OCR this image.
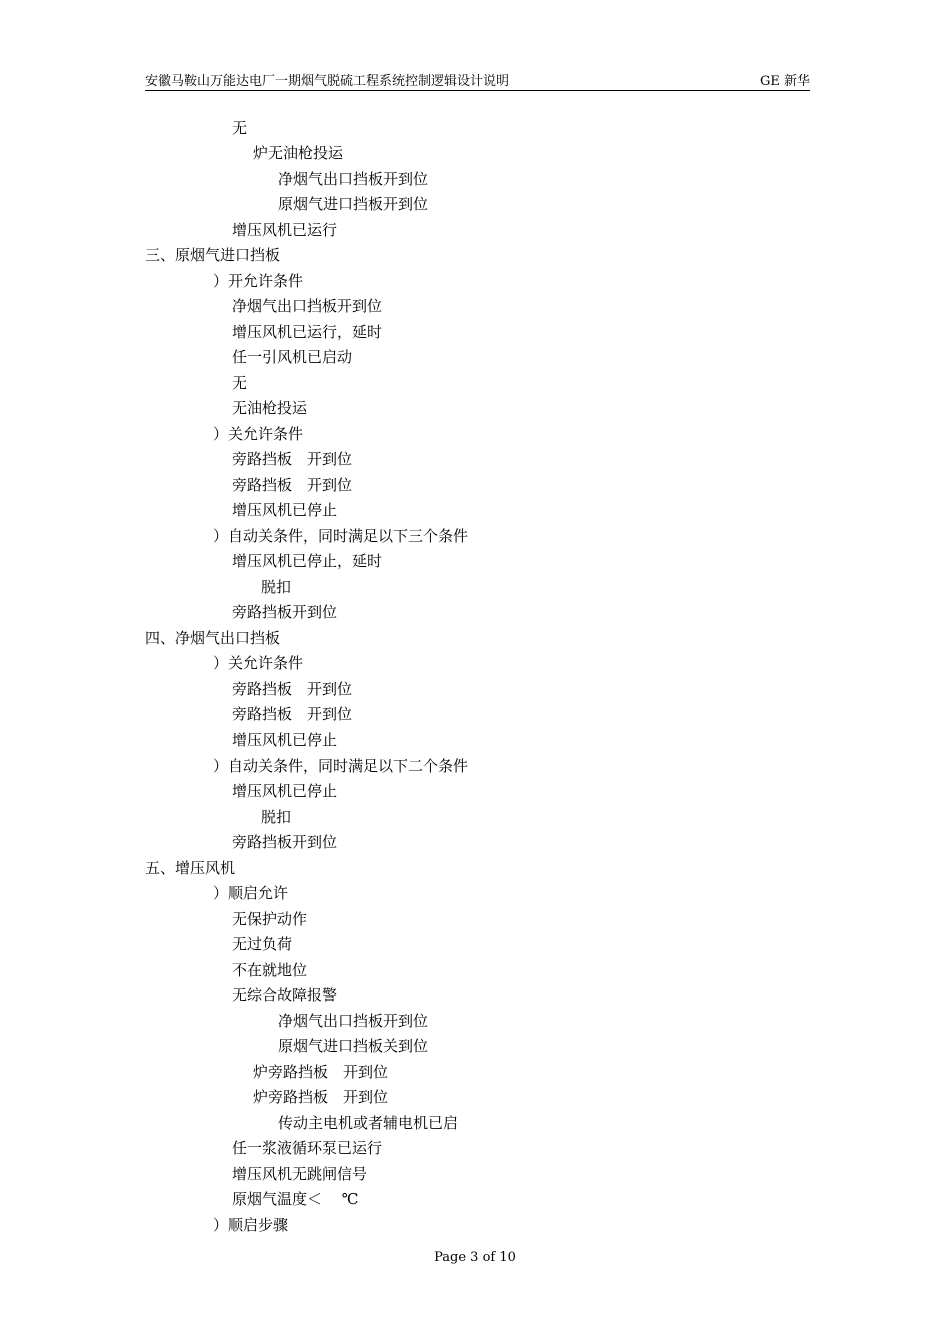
安徽马鞍山万能达电厂一期烟气脱硫工程系统控制逻辑设计说明	GE 新华
无
炉无油枪投运
净烟气出口挡板开到位
原烟气进口挡板开到位
增压风机已运行
三、原烟气进口挡板
）开允许条件
净烟气出口挡板开到位
增压风机已运行，延时
任一引风机已启动
无
无油枪投运
）关允许条件
旁路挡板　开到位
旁路挡板　开到位
增压风机已停止
）自动关条件，同时满足以下三个条件
增压风机已停止，延时
脱扣
旁路挡板开到位
四、净烟气出口挡板
）关允许条件
旁路挡板　开到位
旁路挡板　开到位
增压风机已停止
）自动关条件，同时满足以下二个条件
增压风机已停止
脱扣
旁路挡板开到位
五、增压风机
）顺启允许
无保护动作
无过负荷
不在就地位
无综合故障报警
净烟气出口挡板开到位
原烟气进口挡板关到位
炉旁路挡板　开到位
炉旁路挡板　开到位
传动主电机或者辅电机已启
任一浆液循环泵已运行
增压风机无跳闸信号
原烟气温度＜　 ℃
）顺启步骤
Page 3 of 10
